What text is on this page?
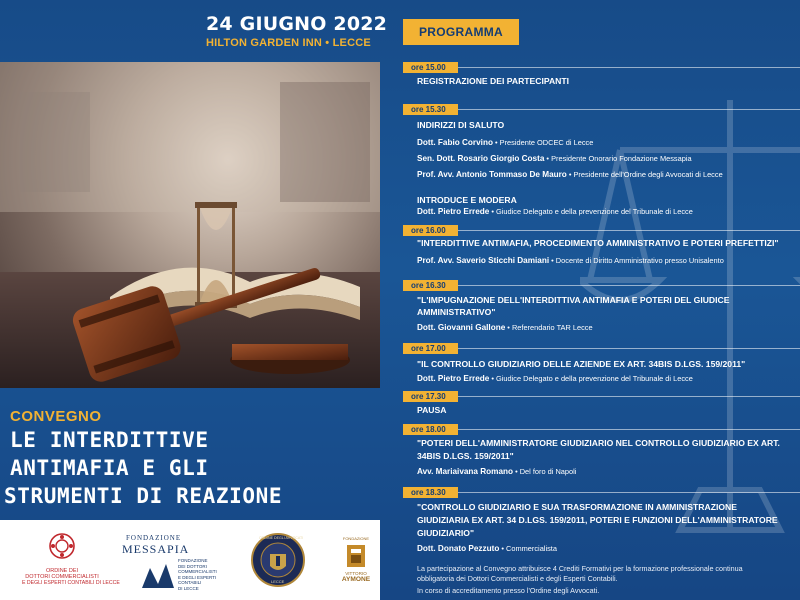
24 GIUGNO 2022
HILTON GARDEN INN • LECCE
PROGRAMMA
CONVEGNO
LE INTERDITTIVE
ANTIMAFIA E GLI
STRUMENTI DI REAZIONE
ORDINE DEI
DOTTORI COMMERCIALISTI
E DEGLI ESPERTI CONTABILI DI LECCE
FONDAZIONE
MESSAPIA
FONDAZIONE
DEI DOTTORI
COMMERCIALISTI
E DEGLI ESPERTI
CONTABILI
DI LECCE
ORDINE DEGLI AVVOCATI
LECCE
FONDAZIONE
VITTORIO
AYMONE
ore 15.00
REGISTRAZIONE DEI PARTECIPANTI
ore 15.30
INDIRIZZI DI SALUTO
Dott. Fabio Corvino • Presidente ODCEC di Lecce
Sen. Dott. Rosario Giorgio Costa • Presidente Onorario Fondazione Messapia
Prof. Avv. Antonio Tommaso De Mauro • Presidente dell'Ordine degli Avvocati di Lecce
INTRODUCE E MODERA
Dott. Pietro Errede • Giudice Delegato e della prevenzione del Tribunale di Lecce
ore 16.00
"INTERDITTIVE ANTIMAFIA, PROCEDIMENTO AMMINISTRATIVO E POTERI PREFETTIZI"
Prof. Avv. Saverio Sticchi Damiani • Docente di Diritto Amministrativo presso Unisalento
ore 16.30
"L'IMPUGNAZIONE DELL'INTERDITTIVA ANTIMAFIA E POTERI DEL GIUDICE
AMMINISTRATIVO"
Dott. Giovanni Gallone • Referendario TAR Lecce
ore 17.00
"IL CONTROLLO GIUDIZIARIO DELLE AZIENDE EX ART. 34BIS D.LGS. 159/2011"
Dott. Pietro Errede • Giudice Delegato e della prevenzione del Tribunale di Lecce
ore 17.30
PAUSA
ore 18.00
"POTERI DELL'AMMINISTRATORE GIUDIZIARIO NEL CONTROLLO GIUDIZIARIO EX ART.
34BIS D.LGS. 159/2011"
Avv. Mariaivana Romano • Del foro di Napoli
ore 18.30
"CONTROLLO GIUDIZIARIO E SUA TRASFORMAZIONE IN AMMINISTRAZIONE
GIUDIZIARIA EX ART. 34 D.LGS. 159/2011, POTERI E FUNZIONI DELL'AMMINISTRATORE
GIUDIZIARIO"
Dott. Donato Pezzuto • Commercialista
La partecipazione al Convegno attribuisce 4 Crediti Formativi per la formazione professionale continua
obbligatoria dei Dottori Commercialisti e degli Esperti Contabili.
In corso di accreditamento presso l'Ordine degli Avvocati.
